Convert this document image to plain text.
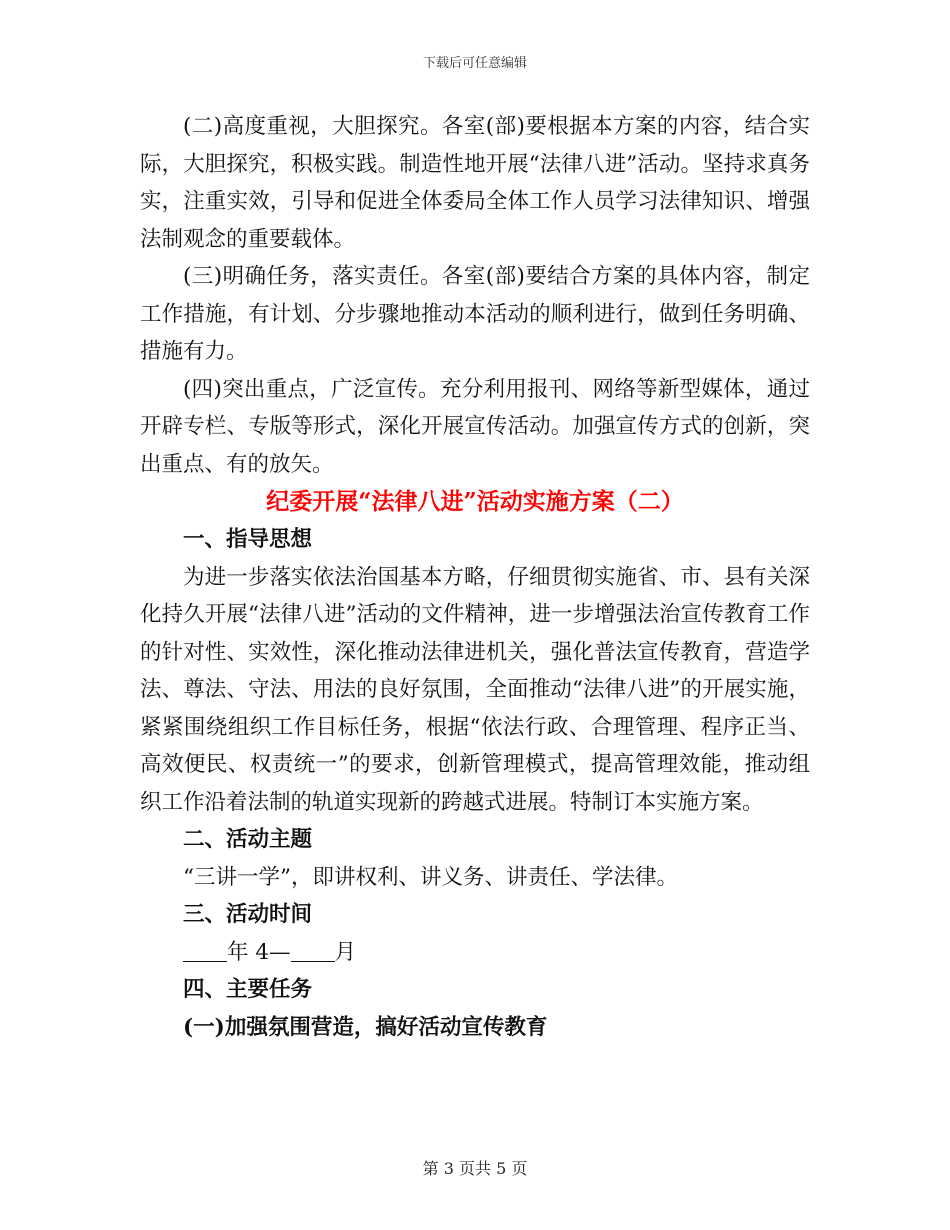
下载后可任意编辑

(二)高度重视，大胆探究。各室(部)要根据本方案的内容，结合实际，大胆探究，积极实践。制造性地开展“法律八进”活动。坚持求真务实，注重实效，引导和促进全体委局全体工作人员学习法律知识、增强法制观念的重要载体。

(三)明确任务，落实责任。各室(部)要结合方案的具体内容，制定工作措施，有计划、分步骤地推动本活动的顺利进行，做到任务明确、措施有力。

(四)突出重点，广泛宣传。充分利用报刊、网络等新型媒体，通过开辟专栏、专版等形式，深化开展宣传活动。加强宣传方式的创新，突出重点、有的放矢。

纪委开展“法律八进”活动实施方案（二）

一、指导思想

为进一步落实依法治国基本方略，仔细贯彻实施省、市、县有关深化持久开展“法律八进”活动的文件精神，进一步增强法治宣传教育工作的针对性、实效性，深化推动法律进机关，强化普法宣传教育，营造学法、尊法、守法、用法的良好氛围，全面推动“法律八进”的开展实施，紧紧围绕组织工作目标任务，根据“依法行政、合理管理、程序正当、高效便民、权责统一”的要求，创新管理模式，提高管理效能，推动组织工作沿着法制的轨道实现新的跨越式进展。特制订本实施方案。

二、活动主题

“三讲一学”，即讲权利、讲义务、讲责任、学法律。

三、活动时间

年 4— 月

四、主要任务

(一)加强氛围营造，搞好活动宣传教育

第 3 页共 5 页
